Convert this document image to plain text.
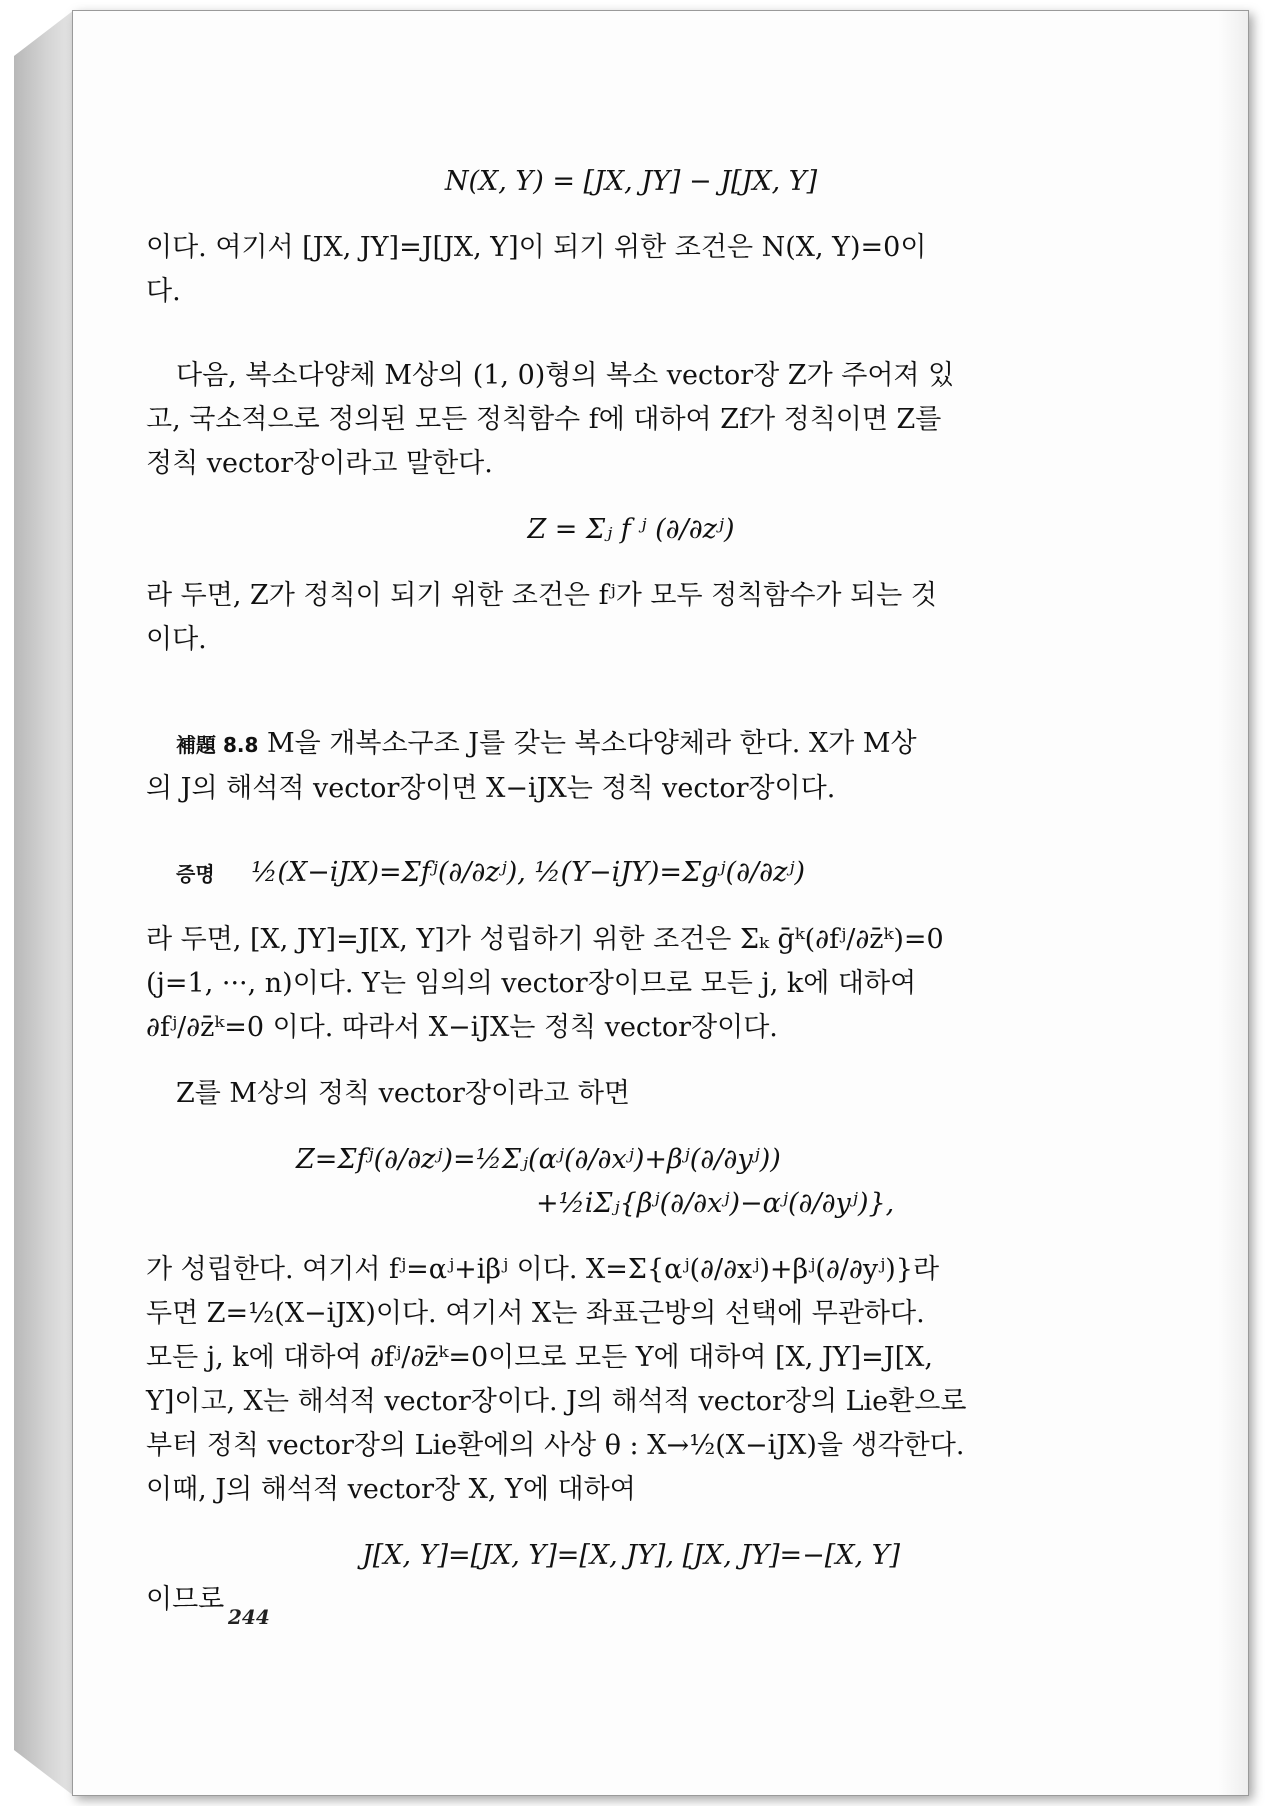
N(X, Y) = [JX, JY] − J[JX, Y]

이다. 여기서 [JX, JY]=J[JX, Y]이 되기 위한 조건은 N(X, Y)=0이

다.

다음, 복소다양체 M상의 (1, 0)형의 복소 vector장 Z가 주어져 있

고, 국소적으로 정의된 모든 정칙함수 f에 대하여 Zf가 정칙이면 Z를

정칙 vector장이라고 말한다.

Z = Σⱼ f ʲ (∂/∂zʲ)

라 두면, Z가 정칙이 되기 위한 조건은 fʲ가 모두 정칙함수가 되는 것

이다.

補題 8.8 M을 개복소구조 J를 갖는 복소다양체라 한다. X가 M상

의 J의 해석적 vector장이면 X−iJX는 정칙 vector장이다.

증명 ½(X−iJX)=Σfʲ(∂/∂zʲ), ½(Y−iJY)=Σgʲ(∂/∂zʲ)

라 두면, [X, JY]=J[X, Y]가 성립하기 위한 조건은 Σₖ ḡᵏ(∂fʲ/∂z̄ᵏ)=0

(j=1, ···, n)이다. Y는 임의의 vector장이므로 모든 j, k에 대하여

∂fʲ/∂z̄ᵏ=0 이다. 따라서 X−iJX는 정칙 vector장이다.

Z를 M상의 정칙 vector장이라고 하면

Z=Σfʲ(∂/∂zʲ)=½Σⱼ(αʲ(∂/∂xʲ)+βʲ(∂/∂yʲ))

+½iΣⱼ{βʲ(∂/∂xʲ)−αʲ(∂/∂yʲ)},

가 성립한다. 여기서 fʲ=αʲ+iβʲ 이다. X=Σ{αʲ(∂/∂xʲ)+βʲ(∂/∂yʲ)}라

두면 Z=½(X−iJX)이다. 여기서 X는 좌표근방의 선택에 무관하다.

모든 j, k에 대하여 ∂fʲ/∂z̄ᵏ=0이므로 모든 Y에 대하여 [X, JY]=J[X,

Y]이고, X는 해석적 vector장이다. J의 해석적 vector장의 Lie환으로

부터 정칙 vector장의 Lie환에의 사상 θ : X→½(X−iJX)을 생각한다.

이때, J의 해석적 vector장 X, Y에 대하여

J[X, Y]=[JX, Y]=[X, JY], [JX, JY]=−[X, Y]

이므로

244
